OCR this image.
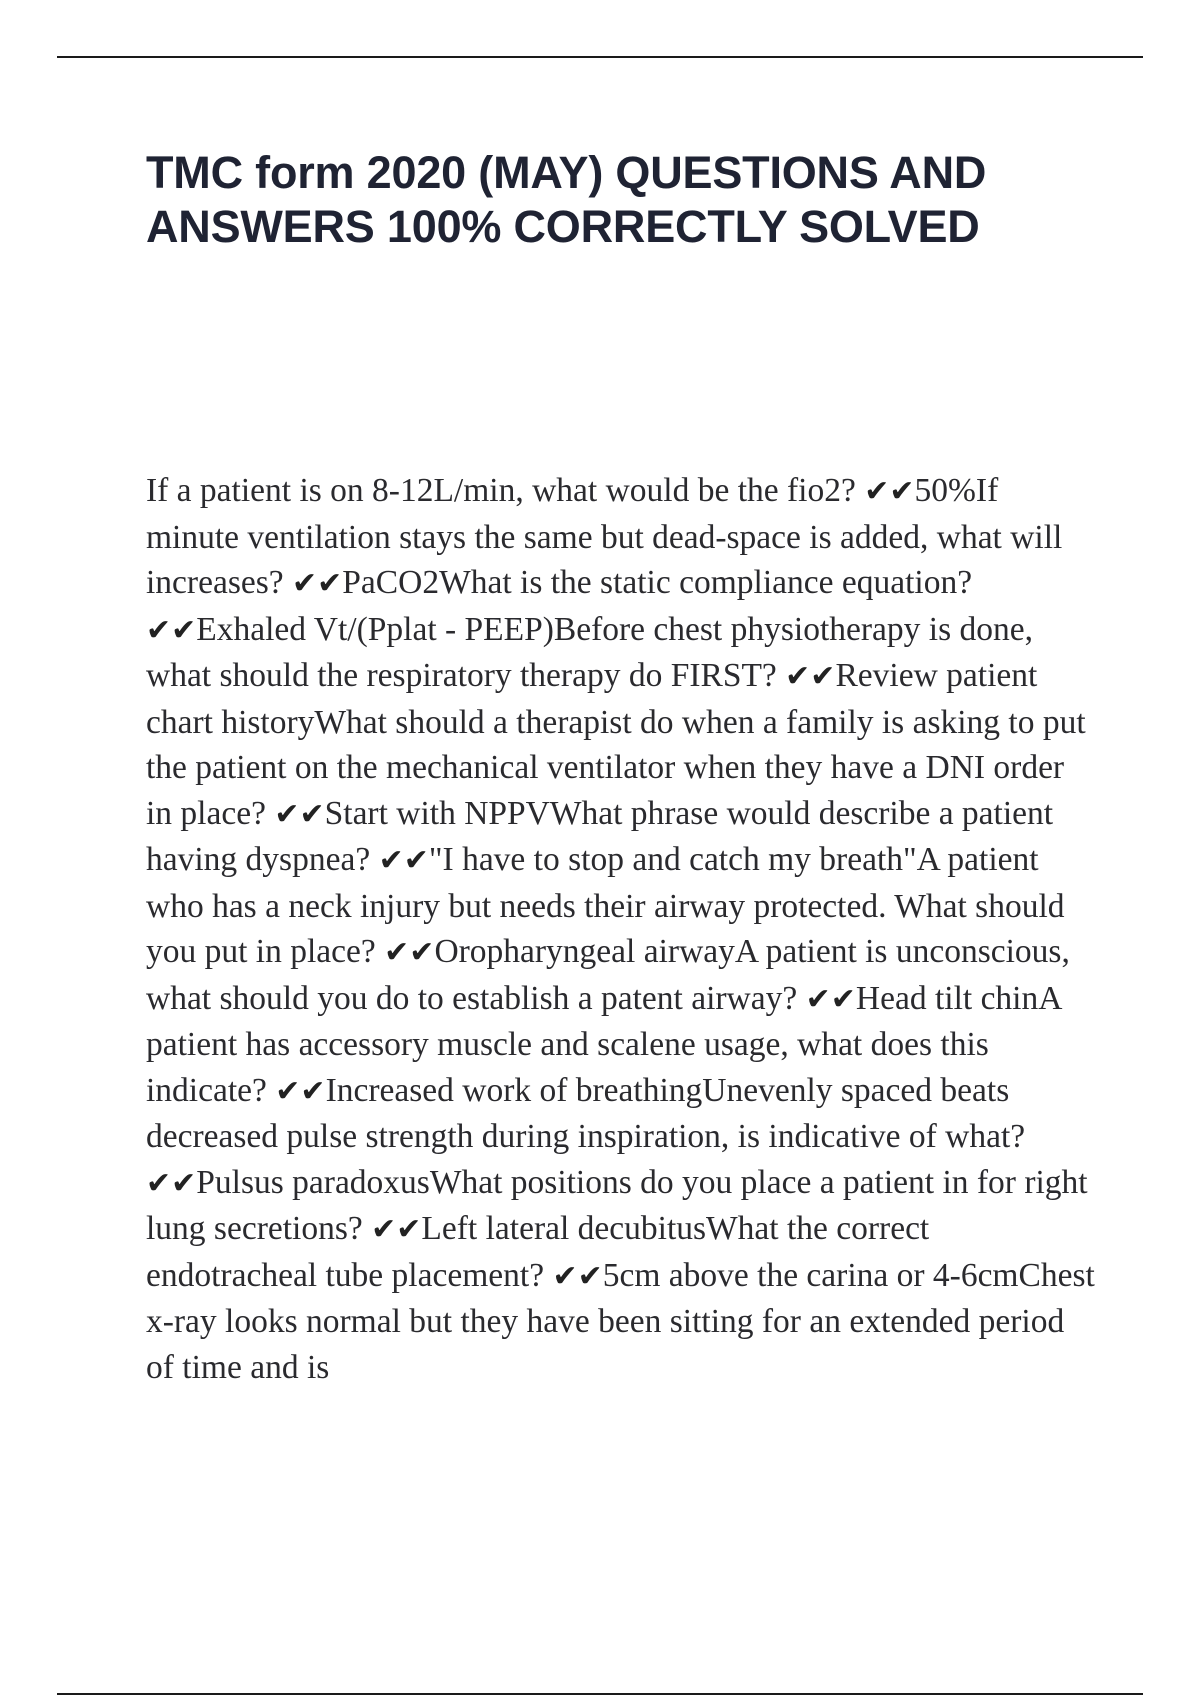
TMC form 2020 (MAY) QUESTIONS AND ANSWERS 100% CORRECTLY SOLVED

If a patient is on 8-12L/min, what would be the fio2? ✔✔50%If minute ventilation stays the same but dead-space is added, what will increases? ✔✔PaCO2What is the static compliance equation? ✔✔Exhaled Vt/(Pplat - PEEP)Before chest physiotherapy is done, what should the respiratory therapy do FIRST? ✔✔Review patient chart historyWhat should a therapist do when a family is asking to put the patient on the mechanical ventilator when they have a DNI order in place? ✔✔Start with NPPVWhat phrase would describe a patient having dyspnea? ✔✔"I have to stop and catch my breath"A patient who has a neck injury but needs their airway protected. What should you put in place? ✔✔Oropharyngeal airwayA patient is unconscious, what should you do to establish a patent airway? ✔✔Head tilt chinA patient has accessory muscle and scalene usage, what does this indicate? ✔✔Increased work of breathingUnevenly spaced beats decreased pulse strength during inspiration, is indicative of what? ✔✔Pulsus paradoxusWhat positions do you place a patient in for right lung secretions? ✔✔Left lateral decubitusWhat the correct endotracheal tube placement? ✔✔5cm above the carina or 4-6cmChest x-ray looks normal but they have been sitting for an extended period of time and is
